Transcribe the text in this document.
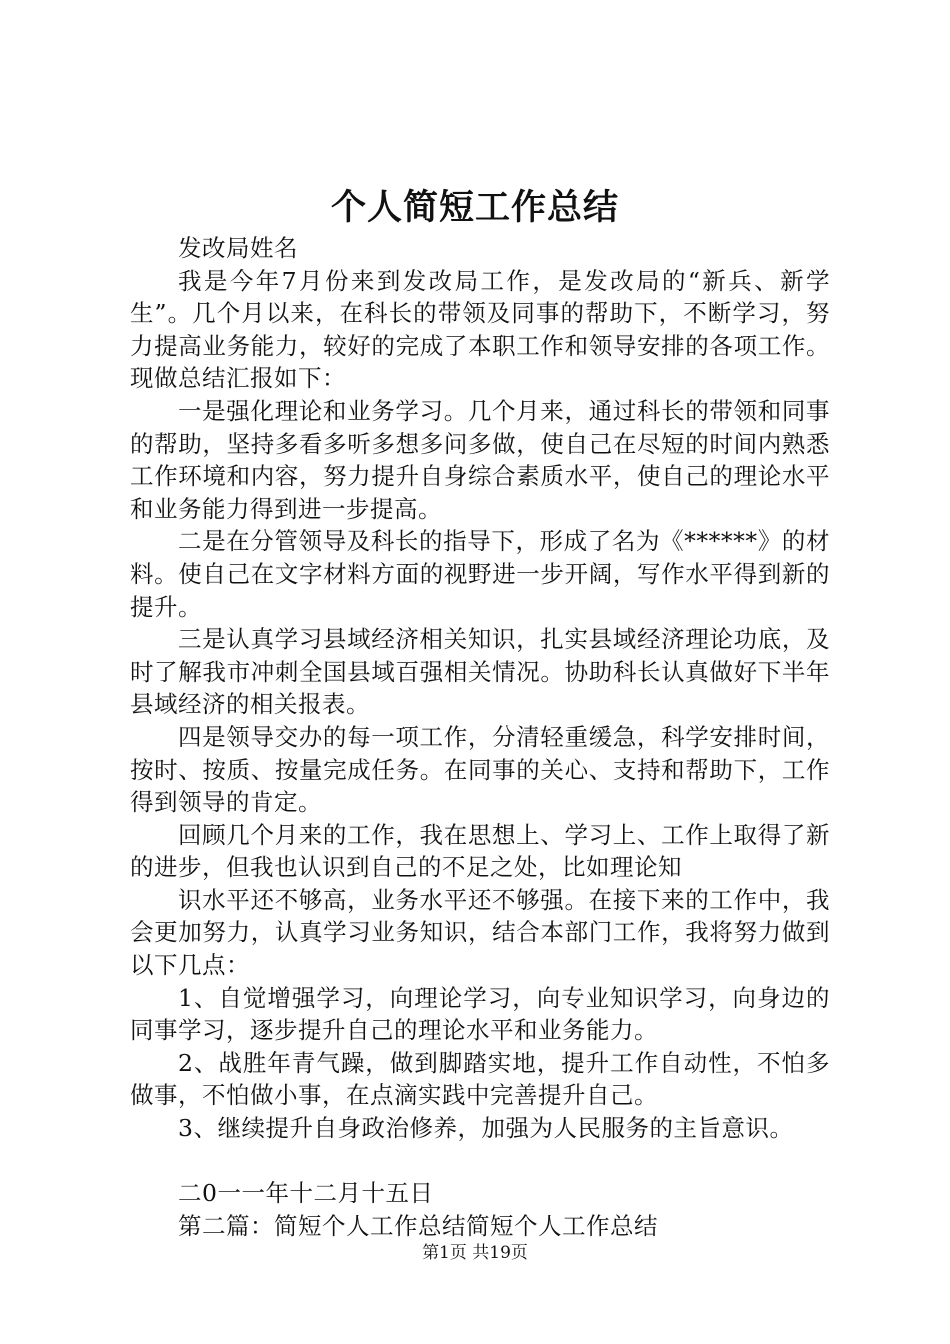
个人简短工作总结

发改局姓名

我是今年7月份来到发改局工作，是发改局的“新兵、新学生”。几个月以来，在科长的带领及同事的帮助下，不断学习，努力提高业务能力，较好的完成了本职工作和领导安排的各项工作。现做总结汇报如下：

一是强化理论和业务学习。几个月来，通过科长的带领和同事的帮助，坚持多看多听多想多问多做，使自己在尽短的时间内熟悉工作环境和内容，努力提升自身综合素质水平，使自己的理论水平和业务能力得到进一步提高。

二是在分管领导及科长的指导下，形成了名为《******》的材料。使自己在文字材料方面的视野进一步开阔，写作水平得到新的提升。

三是认真学习县域经济相关知识，扎实县域经济理论功底，及时了解我市冲刺全国县域百强相关情况。协助科长认真做好下半年县域经济的相关报表。

四是领导交办的每一项工作，分清轻重缓急，科学安排时间，按时、按质、按量完成任务。在同事的关心、支持和帮助下，工作得到领导的肯定。

回顾几个月来的工作，我在思想上、学习上、工作上取得了新的进步，但我也认识到自己的不足之处，比如理论知

识水平还不够高，业务水平还不够强。在接下来的工作中，我会更加努力，认真学习业务知识，结合本部门工作，我将努力做到以下几点：

1、自觉增强学习，向理论学习，向专业知识学习，向身边的同事学习，逐步提升自己的理论水平和业务能力。

2、战胜年青气躁，做到脚踏实地，提升工作自动性，不怕多做事，不怕做小事，在点滴实践中完善提升自己。

3、继续提升自身政治修养，加强为人民服务的主旨意识。

二0一一年十二月十五日

第二篇：简短个人工作总结简短个人工作总结

第1页 共19页
